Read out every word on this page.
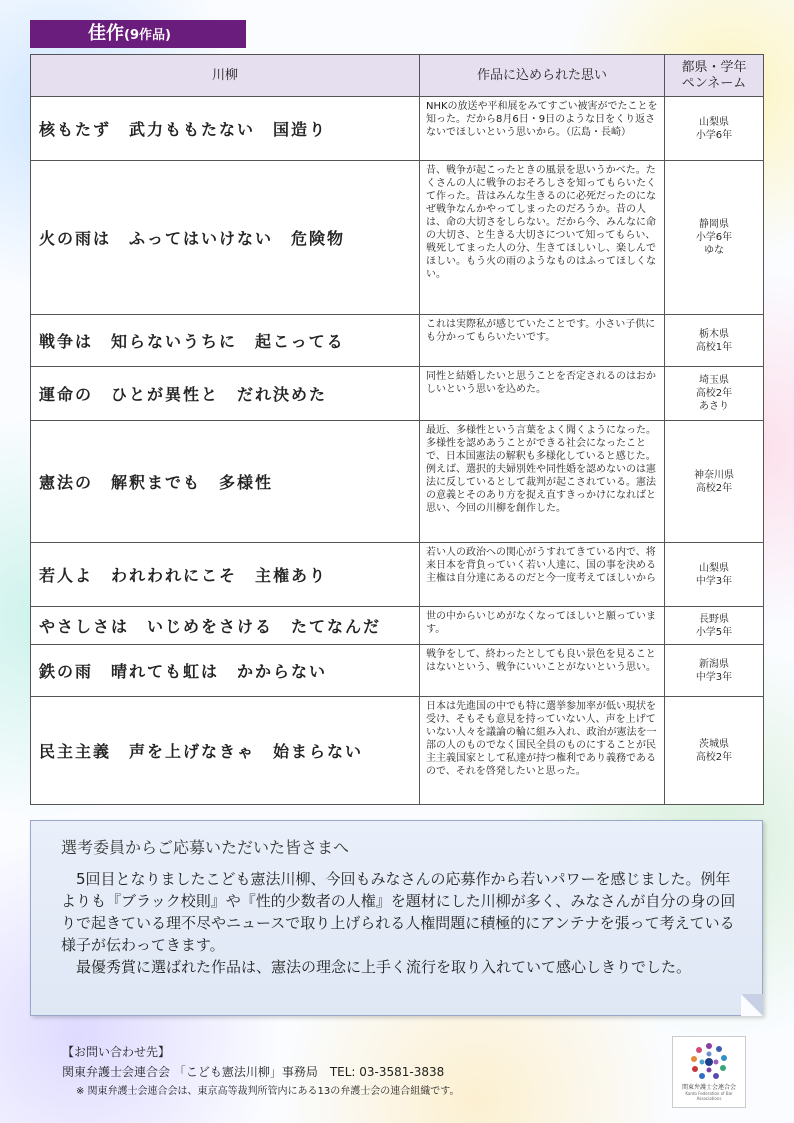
佳作(9作品)
川柳	作品に込められた思い	都県・学年
ペンネーム

核もたず　武力ももたない　国造り	NHKの放送や平和展をみてすごい被害がでたことを知った。だから8月6日・9日のような日をくり返さないでほしいという思いから。（広島・長崎）	山梨県
小学6年

火の雨は　ふってはいけない　危険物	昔、戦争が起こったときの風景を思いうかべた。たくさんの人に戦争のおそろしさを知ってもらいたくて作った。昔はみんな生きるのに必死だったのになぜ戦争なんかやってしまったのだろうか。昔の人は、命の大切さをしらない。だから今、みんなに命の大切さ、と生きる大切さについて知ってもらい、戦死してまった人の分、生きてほしいし、楽しんでほしい。もう火の雨のようなものはふってほしくない。	静岡県
小学6年
ゆな

戦争は　知らないうちに　起こってる	これは実際私が感じていたことです。小さい子供にも分かってもらいたいです。	栃木県
高校1年

運命の　ひとが異性と　だれ決めた	同性と結婚したいと思うことを否定されるのはおかしいという思いを込めた。	埼玉県
高校2年
あさり

憲法の　解釈までも　多様性	最近、多様性という言葉をよく聞くようになった。多様性を認めあうことができる社会になったことで、日本国憲法の解釈も多様化していると感じた。例えば、選択的夫婦別姓や同性婚を認めないのは憲法に反しているとして裁判が起こされている。憲法の意義とそのあり方を捉え直すきっかけになればと思い、今回の川柳を創作した。	神奈川県
高校2年

若人よ　われわれにこそ　主権あり	若い人の政治への関心がうすれてきている内で、将来日本を背負っていく若い人達に、国の事を決める主権は自分達にあるのだと今一度考えてほしいから	山梨県
中学3年

やさしさは　いじめをさける　たてなんだ	世の中からいじめがなくなってほしいと願っています。	長野県
小学5年

鉄の雨　晴れても虹は　かからない	戦争をして、終わったとしても良い景色を見ることはないという、戦争にいいことがないという思い。	新潟県
中学3年

民主主義　声を上げなきゃ　始まらない	日本は先進国の中でも特に選挙参加率が低い現状を受け、そもそも意見を持っていない人、声を上げていない人々を議論の輪に組み入れ、政治が憲法を一部の人のものでなく国民全員のものにすることが民主主義国家として私達が持つ権利であり義務であるので、それを啓発したいと思った。	茨城県
高校2年
選考委員からご応募いただいた皆さまへ

5回目となりましたこども憲法川柳、今回もみなさんの応募作から若いパワーを感じました。例年よりも『ブラック校則』や『性的少数者の人権』を題材にした川柳が多く、みなさんが自分の身の回りで起きている理不尽やニュースで取り上げられる人権問題に積極的にアンテナを張って考えている様子が伝わってきます。

最優秀賞に選ばれた作品は、憲法の理念に上手く流行を取り入れていて感心しきりでした。

【お問い合わせ先】
関東弁護士会連合会 「こども憲法川柳」事務局 TEL: 03-3581-3838
※ 関東弁護士会連合会は、東京高等裁判所管内にある13の弁護士会の連合組織です。	関東弁護士会連合会
Kanto Federation of Bar Associations
